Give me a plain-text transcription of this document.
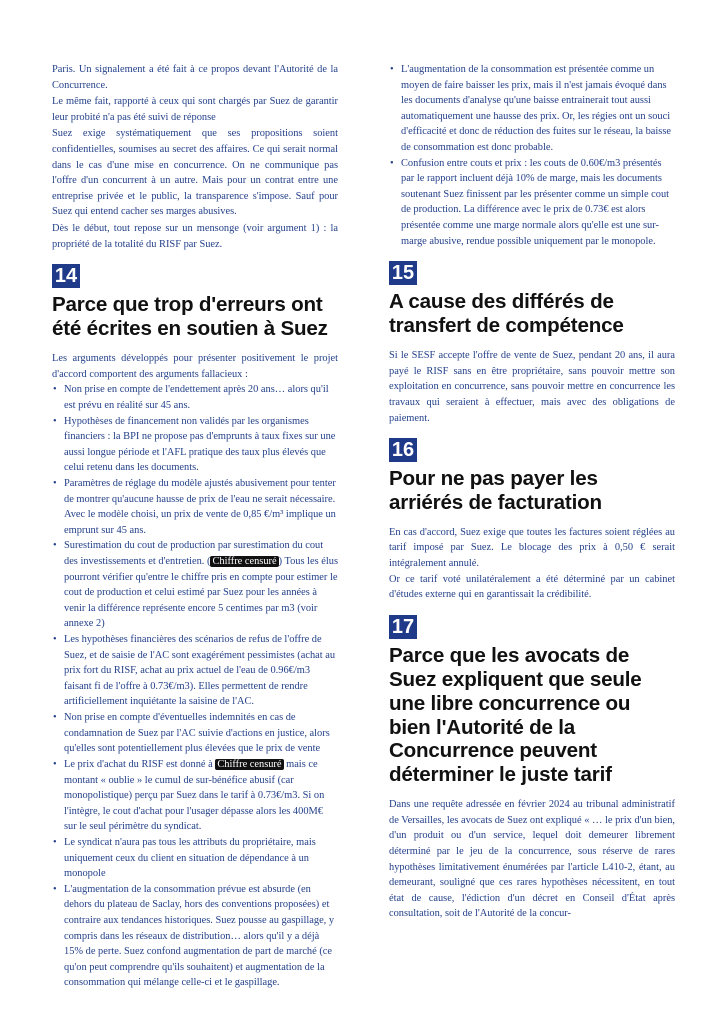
Paris. Un signalement a été fait à ce propos devant l'Autorité de la Concurrence.

Le même fait, rapporté à ceux qui sont chargés par Suez de garantir leur probité n'a pas été suivi de réponse

Suez exige systématiquement que ses propositions soient confidentielles, soumises au secret des affaires. Ce qui serait normal dans le cas d'une mise en concurrence. On ne communique pas l'offre d'un concurrent à un autre. Mais pour un contrat entre une entreprise privée et le public, la transparence s'impose. Sauf pour Suez qui entend cacher ses marges abusives.

Dès le début, tout repose sur un mensonge (voir argument 1) : la propriété de la totalité du RISF par Suez.

14
Parce que trop d'erreurs ont été écrites en soutien à Suez

Les arguments développés pour présenter positivement le projet d'accord comportent des arguments fallacieux :

• Non prise en compte de l'endettement après 20 ans… alors qu'il est prévu en réalité sur 45 ans.
• Hypothèses de financement non validés par les organismes financiers : la BPI ne propose pas d'emprunts à taux fixes sur une aussi longue période et l'AFL pratique des taux plus élevés que celui retenu dans les documents.
• Paramètres de réglage du modèle ajustés abusivement pour tenter de montrer qu'aucune hausse de prix de l'eau ne serait nécessaire. Avec le modèle choisi, un prix de vente de 0,85 €/m³ implique un emprunt sur 45 ans.
• Surestimation du cout de production par surestimation du cout des investissements et d'entretien. ( Chiffre censuré ) Tous les élus pourront vérifier qu'entre le chiffre pris en compte pour estimer le cout de production et celui estimé par Suez pour les années à venir la différence représente encore 5 centimes par m3 (voir annexe 2)
• Les hypothèses financières des scénarios de refus de l'offre de Suez, et de saisie de l'AC sont exagérément pessimistes (achat au prix fort du RISF, achat au prix actuel de l'eau de 0.96€/m3 faisant fi de l'offre à 0.73€/m3). Elles permettent de rendre artificiellement inquiétante la saisine de l'AC.
• Non prise en compte d'éventuelles indemnités en cas de condamnation de Suez par l'AC suivie d'actions en justice, alors qu'elles sont potentiellement plus élevées que le prix de vente
• Le prix d'achat du RISF est donné à Chiffre censuré mais ce montant « oublie » le cumul de sur-bénéfice abusif (car monopolistique) perçu par Suez dans le tarif à 0.73€/m3. Si on l'intègre, le cout d'achat pour l'usager dépasse alors les 400M€ sur le seul périmètre du syndicat.
• Le syndicat n'aura pas tous les attributs du propriétaire, mais uniquement ceux du client en situation de dépendance à un monopole
• L'augmentation de la consommation prévue est absurde (en dehors du plateau de Saclay, hors des conventions proposées) et contraire aux tendances historiques. Suez pousse au gaspillage, y compris dans les réseaux de distribution… alors qu'il y a déjà 15% de perte. Suez confond augmentation de part de marché (ce qu'on peut comprendre qu'ils souhaitent) et augmentation de la consommation qui mélange celle-ci et le gaspillage.
• L'augmentation de la consommation est présentée comme un moyen de faire baisser les prix, mais il n'est jamais évoqué dans les documents d'analyse qu'une baisse entrainerait tout aussi automatiquement une hausse des prix. Or, les régies ont un souci d'efficacité et donc de réduction des fuites sur le réseau, la baisse de consommation est donc probable.
• Confusion entre couts et prix : les couts de 0.60€/m3 présentés par le rapport incluent déjà 10% de marge, mais les documents soutenant Suez finissent par les présenter comme un simple cout de production. La différence avec le prix de 0.73€ est alors présentée comme une marge normale alors qu'elle est une sur-marge abusive, rendue possible uniquement par le monopole.
15
A cause des différés de transfert de compétence

Si le SESF accepte l'offre de vente de Suez, pendant 20 ans, il aura payé le RISF sans en être propriétaire, sans pouvoir mettre son exploitation en concurrence, sans pouvoir mettre en concurrence les travaux qui seraient à effectuer, mais avec des obligations de paiement.

16
Pour ne pas payer les arriérés de facturation

En cas d'accord, Suez exige que toutes les factures soient réglées au tarif imposé par Suez. Le blocage des prix à 0,50 € serait intégralement annulé.

Or ce tarif voté unilatéralement a été déterminé par un cabinet d'études externe qui en garantissait la crédibilité.

17
Parce que les avocats de Suez expliquent que seule une libre concurrence ou bien l'Autorité de la Concurrence peuvent déterminer le juste tarif

Dans une requête adressée en février 2024 au tribunal administratif de Versailles, les avocats de Suez ont expliqué « … le prix d'un bien, d'un produit ou d'un service, lequel doit demeurer librement déterminé par le jeu de la concurrence, sous réserve de rares hypothèses limitativement énumérées par l'article L410-2, étant, au demeurant, souligné que ces rares hypothèses nécessitent, en tout état de cause, l'édiction d'un décret en Conseil d'État après consultation, soit de l'Autorité de la concur-
